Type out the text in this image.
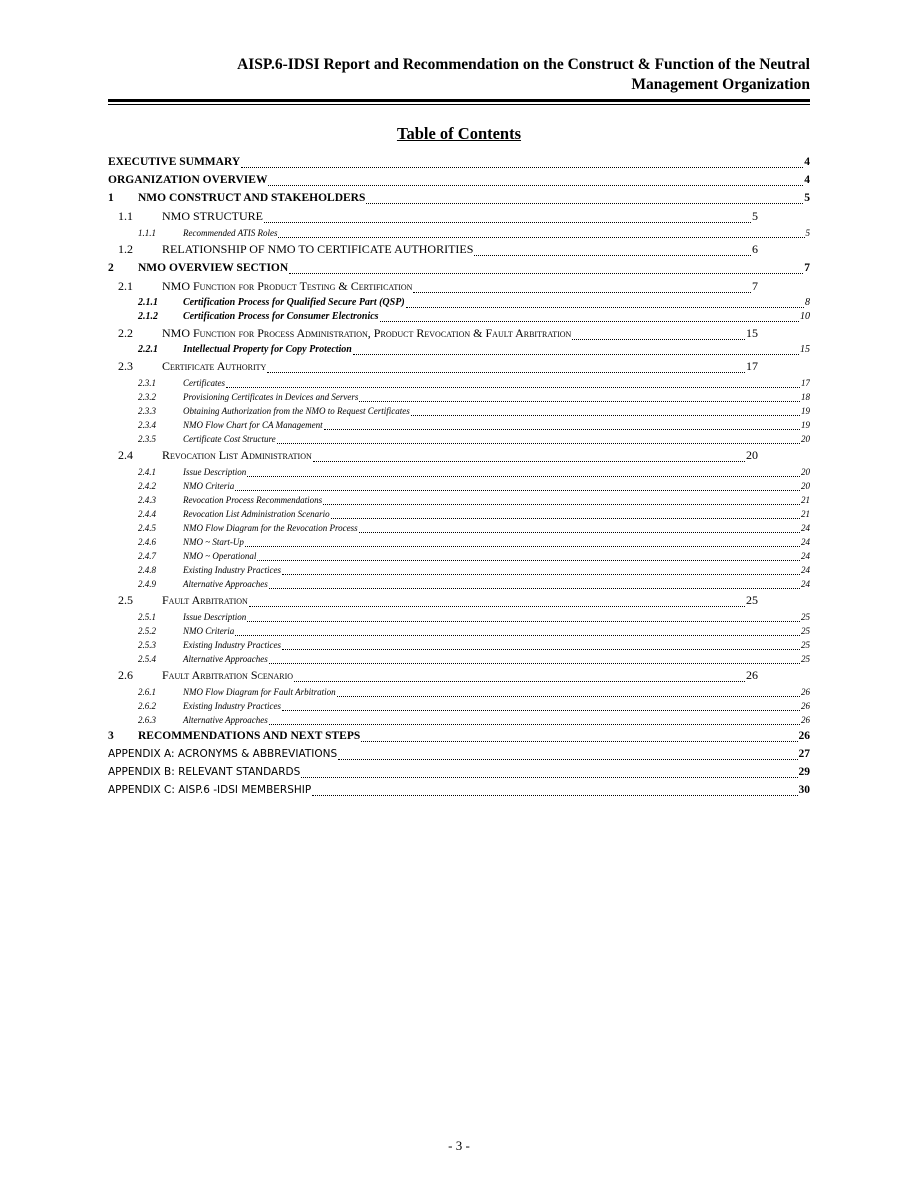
AISP.6-IDSI Report and Recommendation on the Construct & Function of the Neutral
Management Organization
Table of Contents
EXECUTIVE SUMMARY	4
ORGANIZATION OVERVIEW	4
1	NMO CONSTRUCT AND STAKEHOLDERS	5
1.1	NMO STRUCTURE	5
1.1.1	Recommended ATIS Roles	5
1.2	RELATIONSHIP OF NMO TO CERTIFICATE AUTHORITIES	6
2	NMO OVERVIEW SECTION	7
2.1	NMO Function for Product Testing & Certification	7
2.1.1	Certification Process for Qualified Secure Part (QSP)	8
2.1.2	Certification Process for Consumer Electronics	10
2.2	NMO Function for Process Administration, Product Revocation & Fault Arbitration	15
2.2.1	Intellectual Property for Copy Protection	15
2.3	Certificate Authority	17
2.3.1	Certificates	17
2.3.2	Provisioning Certificates in Devices and Servers	18
2.3.3	Obtaining Authorization from the NMO to Request Certificates	19
2.3.4	NMO Flow Chart for CA Management	19
2.3.5	Certificate Cost Structure	20
2.4	Revocation List Administration	20
2.4.1	Issue Description	20
2.4.2	NMO Criteria	20
2.4.3	Revocation Process Recommendations	21
2.4.4	Revocation List Administration Scenario	21
2.4.5	NMO Flow Diagram for the Revocation Process	24
2.4.6	NMO ~ Start-Up	24
2.4.7	NMO ~ Operational	24
2.4.8	Existing Industry Practices	24
2.4.9	Alternative Approaches	24
2.5	Fault Arbitration	25
2.5.1	Issue Description	25
2.5.2	NMO Criteria	25
2.5.3	Existing Industry Practices	25
2.5.4	Alternative Approaches	25
2.6	Fault Arbitration Scenario	26
2.6.1	NMO Flow Diagram for Fault Arbitration	26
2.6.2	Existing Industry Practices	26
2.6.3	Alternative Approaches	26
3	RECOMMENDATIONS AND NEXT STEPS	26
APPENDIX A: ACRONYMS & ABBREVIATIONS	27
APPENDIX B: RELEVANT STANDARDS	29
APPENDIX C: AISP.6 -IDSI MEMBERSHIP	30
- 3 -
